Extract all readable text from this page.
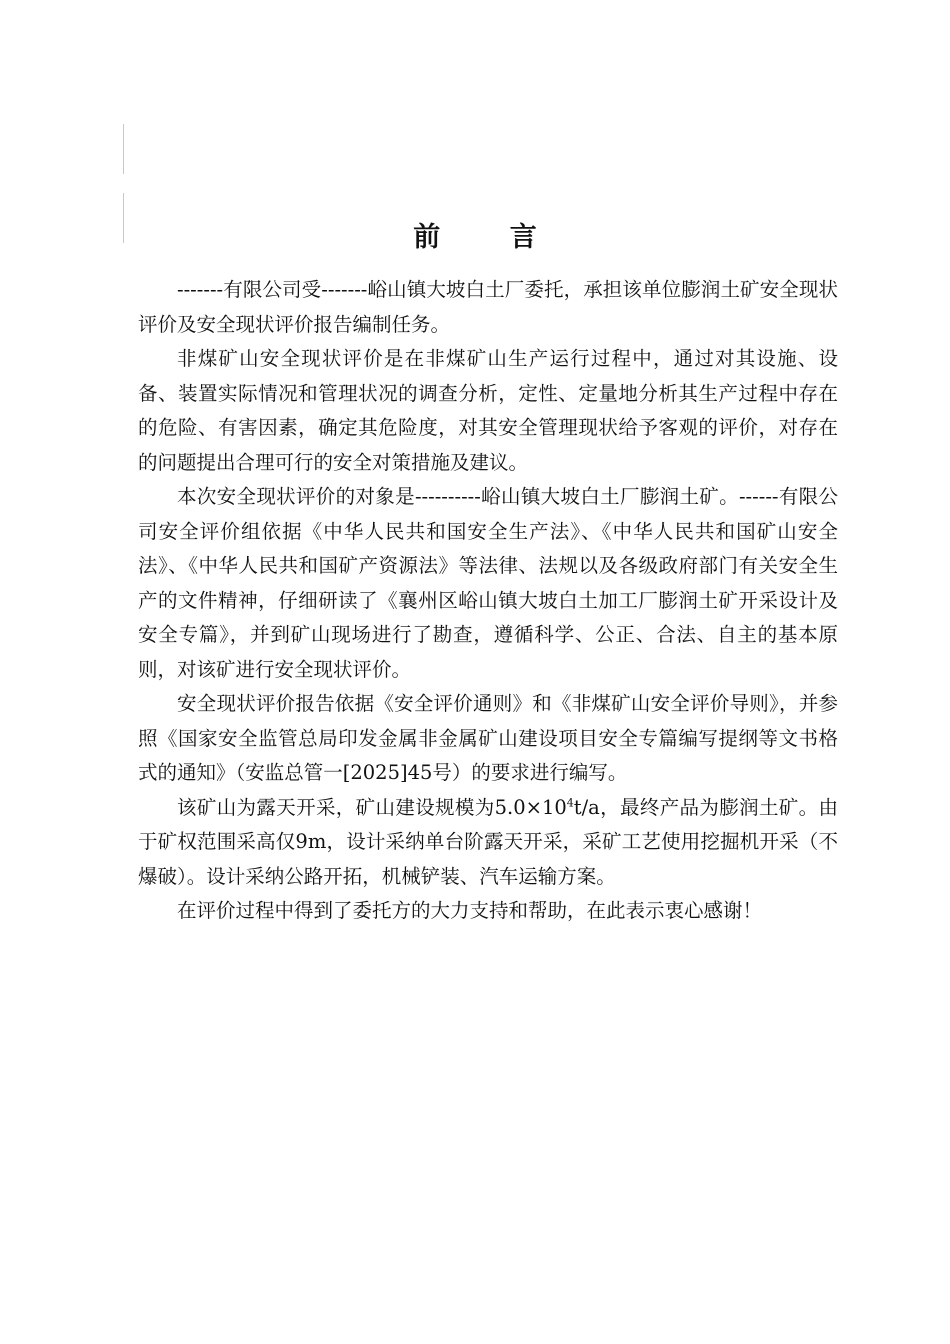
前 言

-------有限公司受-------峪山镇大坡白土厂委托，承担该单位膨润土矿安全现状评价及安全现状评价报告编制任务。

非煤矿山安全现状评价是在非煤矿山生产运行过程中，通过对其设施、设备、装置实际情况和管理状况的调查分析，定性、定量地分析其生产过程中存在的危险、有害因素，确定其危险度，对其安全管理现状给予客观的评价，对存在的问题提出合理可行的安全对策措施及建议。

本次安全现状评价的对象是----------峪山镇大坡白土厂膨润土矿。------有限公司安全评价组依据《中华人民共和国安全生产法》、《中华人民共和国矿山安全法》、《中华人民共和国矿产资源法》等法律、法规以及各级政府部门有关安全生产的文件精神，仔细研读了《襄州区峪山镇大坡白土加工厂膨润土矿开采设计及安全专篇》，并到矿山现场进行了勘查，遵循科学、公正、合法、自主的基本原则，对该矿进行安全现状评价。

安全现状评价报告依据《安全评价通则》和《非煤矿山安全评价导则》，并参照《国家安全监管总局印发金属非金属矿山建设项目安全专篇编写提纲等文书格式的通知》（安监总管一[2025]45号）的要求进行编写。

该矿山为露天开采，矿山建设规模为$5.0\times 10^4t/a$，最终产品为膨润土矿。由于矿权范围采高仅9m，设计采纳单台阶露天开采，采矿工艺使用挖掘机开采（不爆破）。设计采纳公路开拓，机械铲装、汽车运输方案。

在评价过程中得到了委托方的大力支持和帮助，在此表示衷心感谢！
